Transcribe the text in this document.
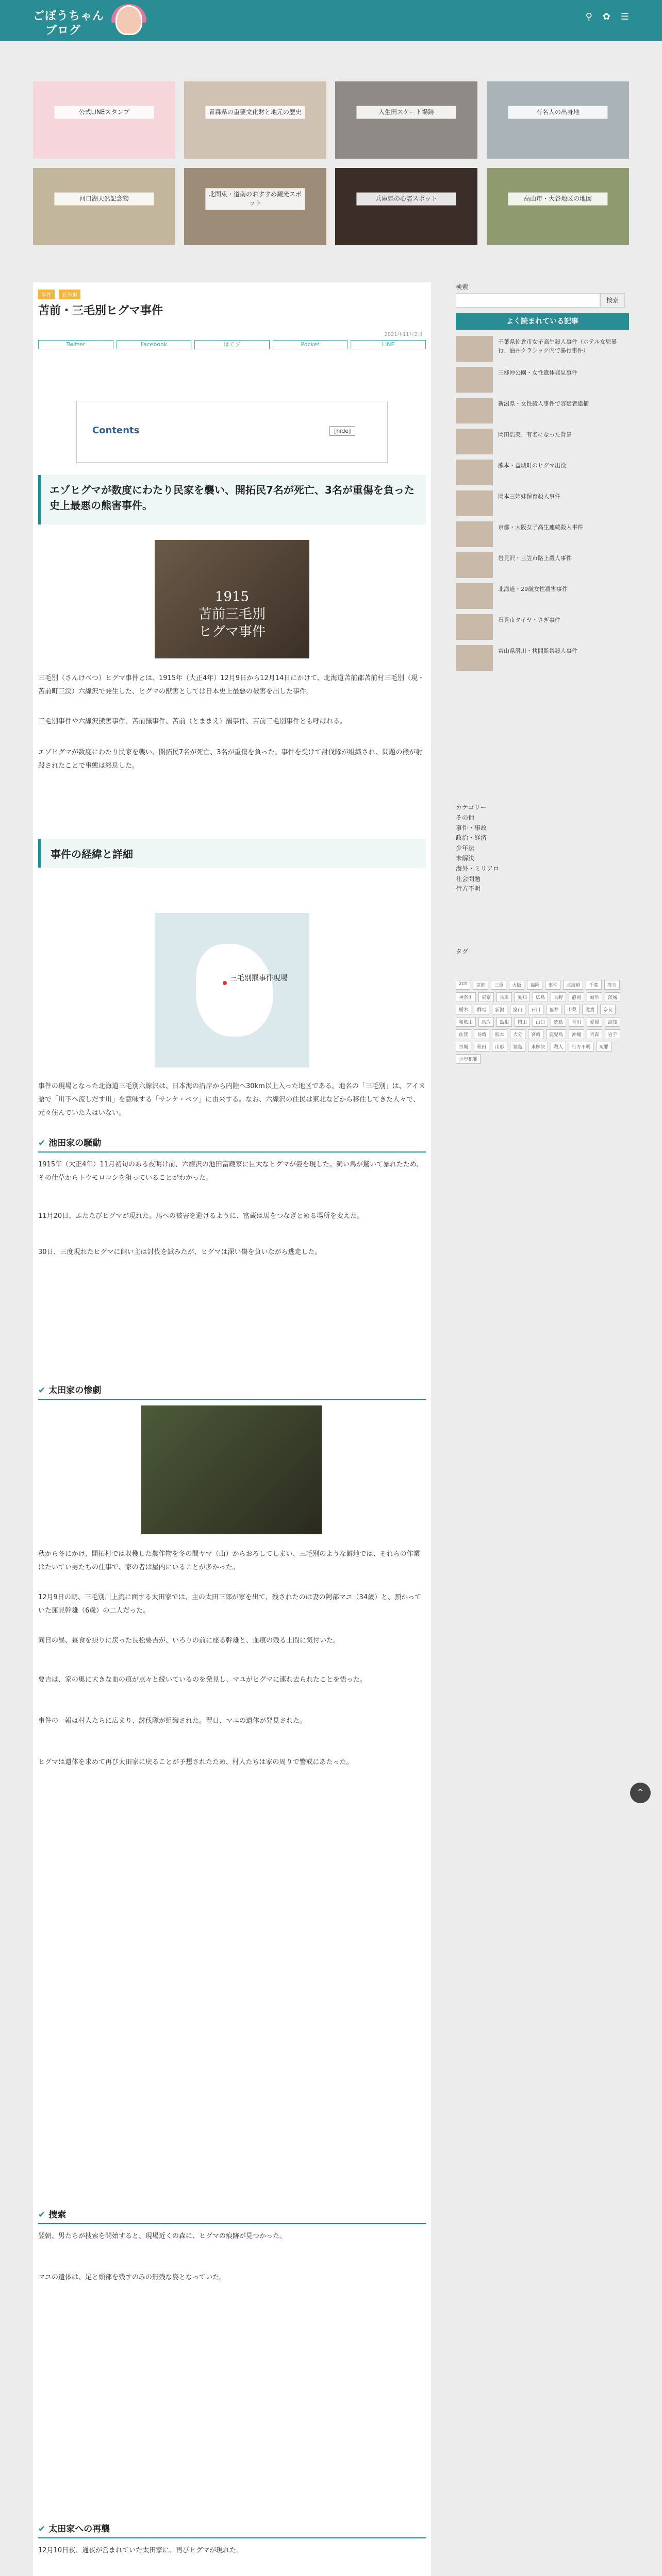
ごぼうちゃん
ブログ
⚲ ✿ ☰
公式LINEスタンプ	青森県の重要文化財と地元の歴史	入生田スケート場跡	有名人の出身地
河口湖天然記念物
北関東・道南のおすすめ観光スポット
兵庫県の心霊スポット	高山市・大谷地区の地図
事件	北海道
苫前・三毛別ヒグマ事件
2021年11月2日
Twitter	Facebook	はてブ	Pocket	LINE
Contents	[hide]
エゾヒグマが数度にわたり民家を襲い、開拓民7名が死亡、3名が重傷を負った史上最悪の熊害事件。
1915
苫前三毛別
ヒグマ事件

三毛別（さんけべつ）ヒグマ事件とは、1915年（大正4年）12月9日から12月14日にかけて、北海道苫前郡苫前村三毛別（現・苫前町三渓）六線沢で発生した、ヒグマの獣害としては日本史上最悪の被害を出した事件。

三毛別事件や六線沢熊害事件、苫前羆事件、苫前（とままえ）羆事件、苫前三毛別事件とも呼ばれる。

エゾヒグマが数度にわたり民家を襲い、開拓民7名が死亡、3名が重傷を負った。事件を受けて討伐隊が組織され、問題の熊が射殺されたことで事態は終息した。

事件の経緯と詳細
三毛別羆事件現場

事件の現場となった北海道三毛別六線沢は、日本海の沿岸から内陸へ30km以上入った地区である。地名の「三毛別」は、アイヌ語で「川下へ流しだす川」を意味する「サンケ・ペツ」に由来する。なお、六線沢の住民は東北などから移住してきた人々で、元々住んでいた人はいない。

✔ 池田家の騒動

1915年（大正4年）11月初旬のある夜明け前、六線沢の池田富蔵家に巨大なヒグマが姿を現した。飼い馬が驚いて暴れたため、その仕草からトウモロコシを狙っていることがわかった。

11月20日、ふたたびヒグマが現れた。馬への被害を避けるように、富蔵は馬をつなぎとめる場所を変えた。

30日、三度現れたヒグマに飼い主は討伐を試みたが、ヒグマは深い傷を負いながら逃走した。

✔ 太田家の惨劇

秋から冬にかけ、開拓村では収穫した農作物を冬の間ヤマ（山）からおろしてしまい、三毛別のような僻地では、それらの作業はたいてい男たちの仕事で、家の者は屋内にいることが多かった。

12月9日の朝、三毛別川上流に面する太田家では、主の太田三郎が家を出て、残されたのは妻の阿部マユ（34歳）と、預かっていた蓮見幹雄（6歳）の二人だった。

同日の昼、昼食を摂りに戻った長松要吉が、いろりの前に座る幹雄と、血痕の残る土間に気付いた。

要吉は、家の奥に大きな血の痕が点々と続いているのを発見し、マユがヒグマに連れ去られたことを悟った。

事件の一報は村人たちに広まり、討伐隊が組織された。翌日、マユの遺体が発見された。

ヒグマは遺体を求めて再び太田家に戻ることが予想されたため、村人たちは家の周りで警戒にあたった。

✔ 捜索

翌朝、男たちが捜索を開始すると、現場近くの森に、ヒグマの痕跡が見つかった。

マユの遺体は、足と頭部を残すのみの無残な姿となっていた。

✔ 太田家への再襲

12月10日夜、通夜が営まれていた太田家に、再びヒグマが現れた。

検索
検索
よく読まれている記事
千葉県佐倉市女子高生殺人事件（ホテル女児暴行、油井クラシック内で暴行事件）
三郷沖公園・女性遺体発見事件
新潟県・女性殺人事件で容疑者逮捕
岡田浩美、有名になった背景
熊本・益城町のヒグマ出没
岡本三姉妹保育殺人事件
京都・大阪女子高生連続殺人事件
岩見沢・三笠市路上殺人事件
北海道・29歳女性殺害事件
石見市タイヤ・さぎ事件
富山県滑川・拷問監禁殺人事件
カテゴリー
その他
事件・事故
政治・経済
少年法
未解決
海外・ミリアロ
社会問題
行方不明
タグ
2ch	京都	三重	大阪	福岡	事件	北海道	千葉	埼玉
神奈川	東京	兵庫	愛知	広島	長野	静岡	岐阜	茨城
栃木	群馬	新潟	富山	石川	福井	山梨	滋賀	奈良
和歌山	鳥取	島根	岡山	山口	徳島	香川	愛媛	高知
佐賀	長崎	熊本	大分	宮崎	鹿児島	沖縄	青森	岩手
宮城	秋田	山形	福島	未解決	殺人	行方不明	冤罪
少年犯罪
⌃
